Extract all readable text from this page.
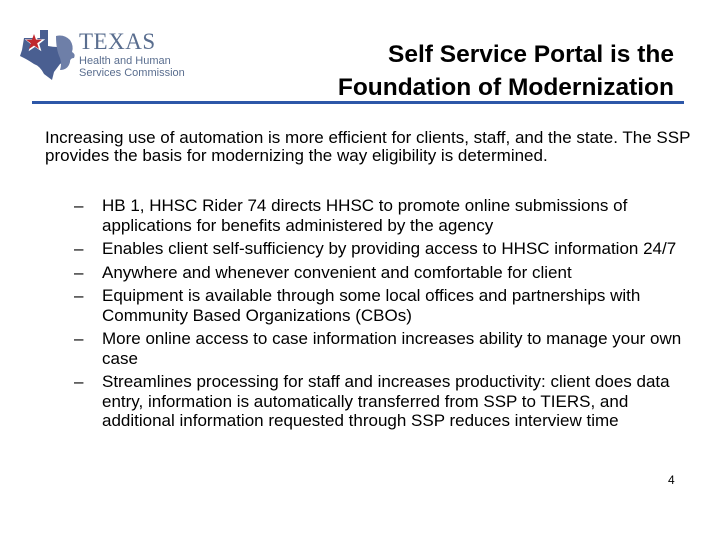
TEXAS
Health and Human
Services Commission
Self Service Portal is the
Foundation of Modernization
Increasing use of automation is more efficient for clients, staff, and the state. The SSP provides the basis for modernizing the way eligibility is determined.
– HB 1, HHSC Rider 74 directs HHSC to promote online submissions of applications for benefits administered by the agency
– Enables client self-sufficiency by providing access to HHSC information 24/7
– Anywhere and whenever convenient and comfortable for client
– Equipment is available through some local offices and partnerships with Community Based Organizations (CBOs)
– More online access to case information increases ability to manage your own case
– Streamlines processing for staff and increases productivity: client does data entry, information is automatically transferred from SSP to TIERS, and additional information requested through SSP reduces interview time
4
